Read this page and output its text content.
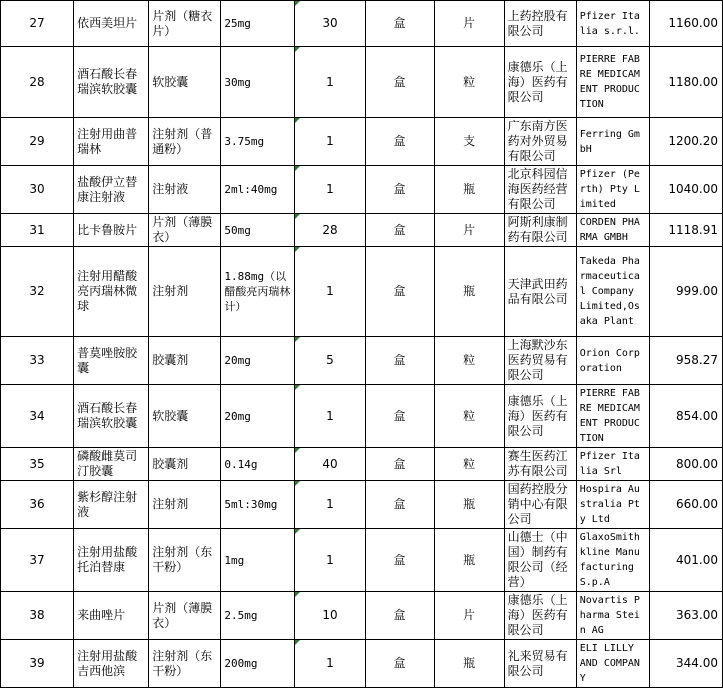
27	依西美坦片	片剂（糖衣片）	25mg	30	盒	片	上药控股有限公司	Pfizer Italia s.r.l.	1160.00
28	酒石酸长春瑞滨软胶囊	软胶囊	30mg	1	盒	粒	康德乐（上海）医药有限公司	PIERRE FABRE MEDICAMENT PRODUCTION	1180.00
29	注射用曲普瑞林	注射剂（普通粉）	3.75mg	1	盒	支	广东南方医药对外贸易有限公司	Ferring GmbH	1200.20
30	盐酸伊立替康注射液	注射液	2ml:40mg	1	盒	瓶	北京科园信海医药经营有限公司	Pfizer (Perth) Pty Limited	1040.00
31	比卡鲁胺片	片剂（薄膜衣）	50mg	28	盒	片	阿斯利康制药有限公司	CORDEN PHARMA GMBH	1118.91
32	注射用醋酸亮丙瑞林微球	注射剂	1.88mg（以醋酸亮丙瑞林计）	1	盒	瓶	天津武田药品有限公司	Takeda Pharmaceutical Company Limited,Osaka Plant	999.00
33	普莫唑胺胶囊	胶囊剂	20mg	5	盒	粒	上海默沙东医药贸易有限公司	Orion Corporation	958.27
34	酒石酸长春瑞滨软胶囊	软胶囊	20mg	1	盒	粒	康德乐（上海）医药有限公司	PIERRE FABRE MEDICAMENT PRODUCTION	854.00
35	磷酸雌莫司汀胶囊	胶囊剂	0.14g	40	盒	粒	赛生医药江苏有限公司	Pfizer Italia Srl	800.00
36	紫杉醇注射液	注射剂	5ml:30mg	1	盒	瓶	国药控股分销中心有限公司	Hospira Australia Pty Ltd	660.00
37	注射用盐酸托泊替康	注射剂（东干粉）	1mg	1	盒	瓶	山德士（中国）制药有限公司（经营）	GlaxoSmithkline Manufacturing S.p.A	401.00
38	来曲唑片	片剂（薄膜衣）	2.5mg	10	盒	片	康德乐（上海）医药有限公司	Novartis Pharma Stein AG	363.00
39	注射用盐酸吉西他滨	注射剂（东干粉）	200mg	1	盒	瓶	礼来贸易有限公司	ELI LILLY AND COMPANY	344.00
